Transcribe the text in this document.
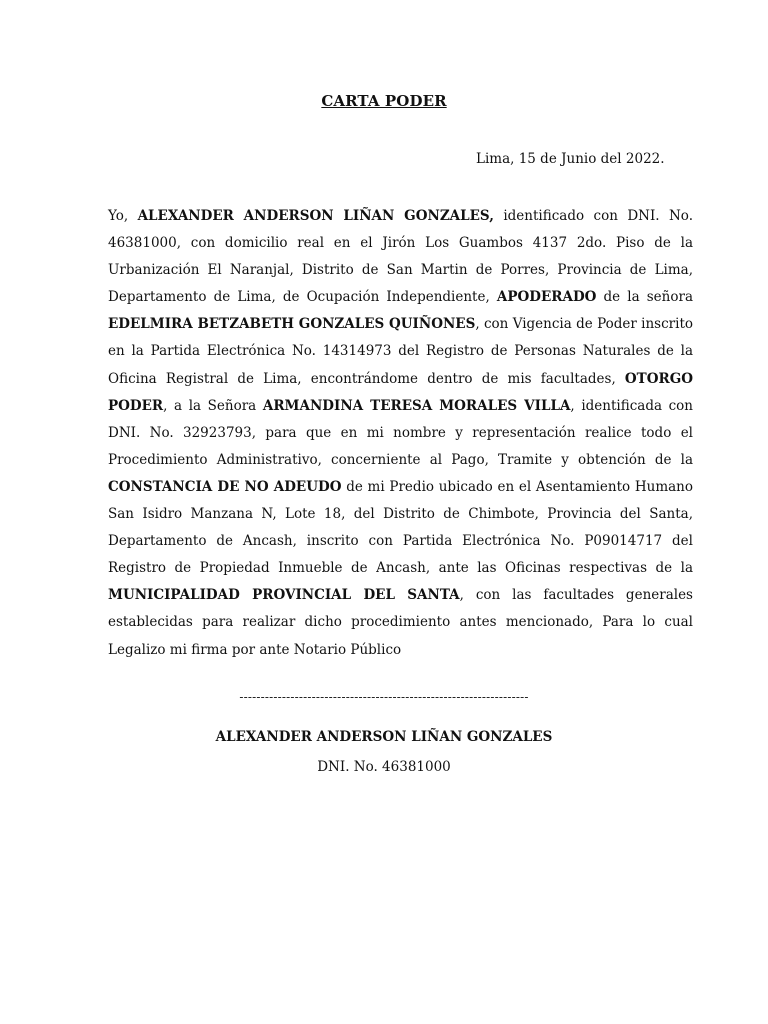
CARTA PODER
Lima, 15 de Junio del 2022.
Yo, ALEXANDER ANDERSON LIÑAN GONZALES, identificado con DNI. No. 46381000, con domicilio real en el Jirón Los Guambos 4137 2do. Piso de la Urbanización El Naranjal, Distrito de San Martin de Porres, Provincia de Lima, Departamento de Lima, de Ocupación Independiente, APODERADO de la señora EDELMIRA BETZABETH GONZALES QUIÑONES, con Vigencia de Poder inscrito en la Partida Electrónica No. 14314973 del Registro de Personas Naturales de la Oficina Registral de Lima, encontrándome dentro de mis facultades, OTORGO PODER, a la Señora ARMANDINA TERESA MORALES VILLA, identificada con DNI. No. 32923793, para que en mi nombre y representación realice todo el Procedimiento Administrativo, concerniente al Pago, Tramite y obtención de la CONSTANCIA DE NO ADEUDO de mi Predio ubicado en el Asentamiento Humano San Isidro Manzana N, Lote 18, del Distrito de Chimbote, Provincia del Santa, Departamento de Ancash, inscrito con Partida Electrónica No. P09014717 del Registro de Propiedad Inmueble de Ancash, ante las Oficinas respectivas de la MUNICIPALIDAD PROVINCIAL DEL SANTA, con las facultades generales establecidas para realizar dicho procedimiento antes mencionado, Para lo cual Legalizo mi firma por ante Notario Público
--------------------------------------------------------------------
ALEXANDER ANDERSON LIÑAN GONZALES
DNI. No. 46381000
